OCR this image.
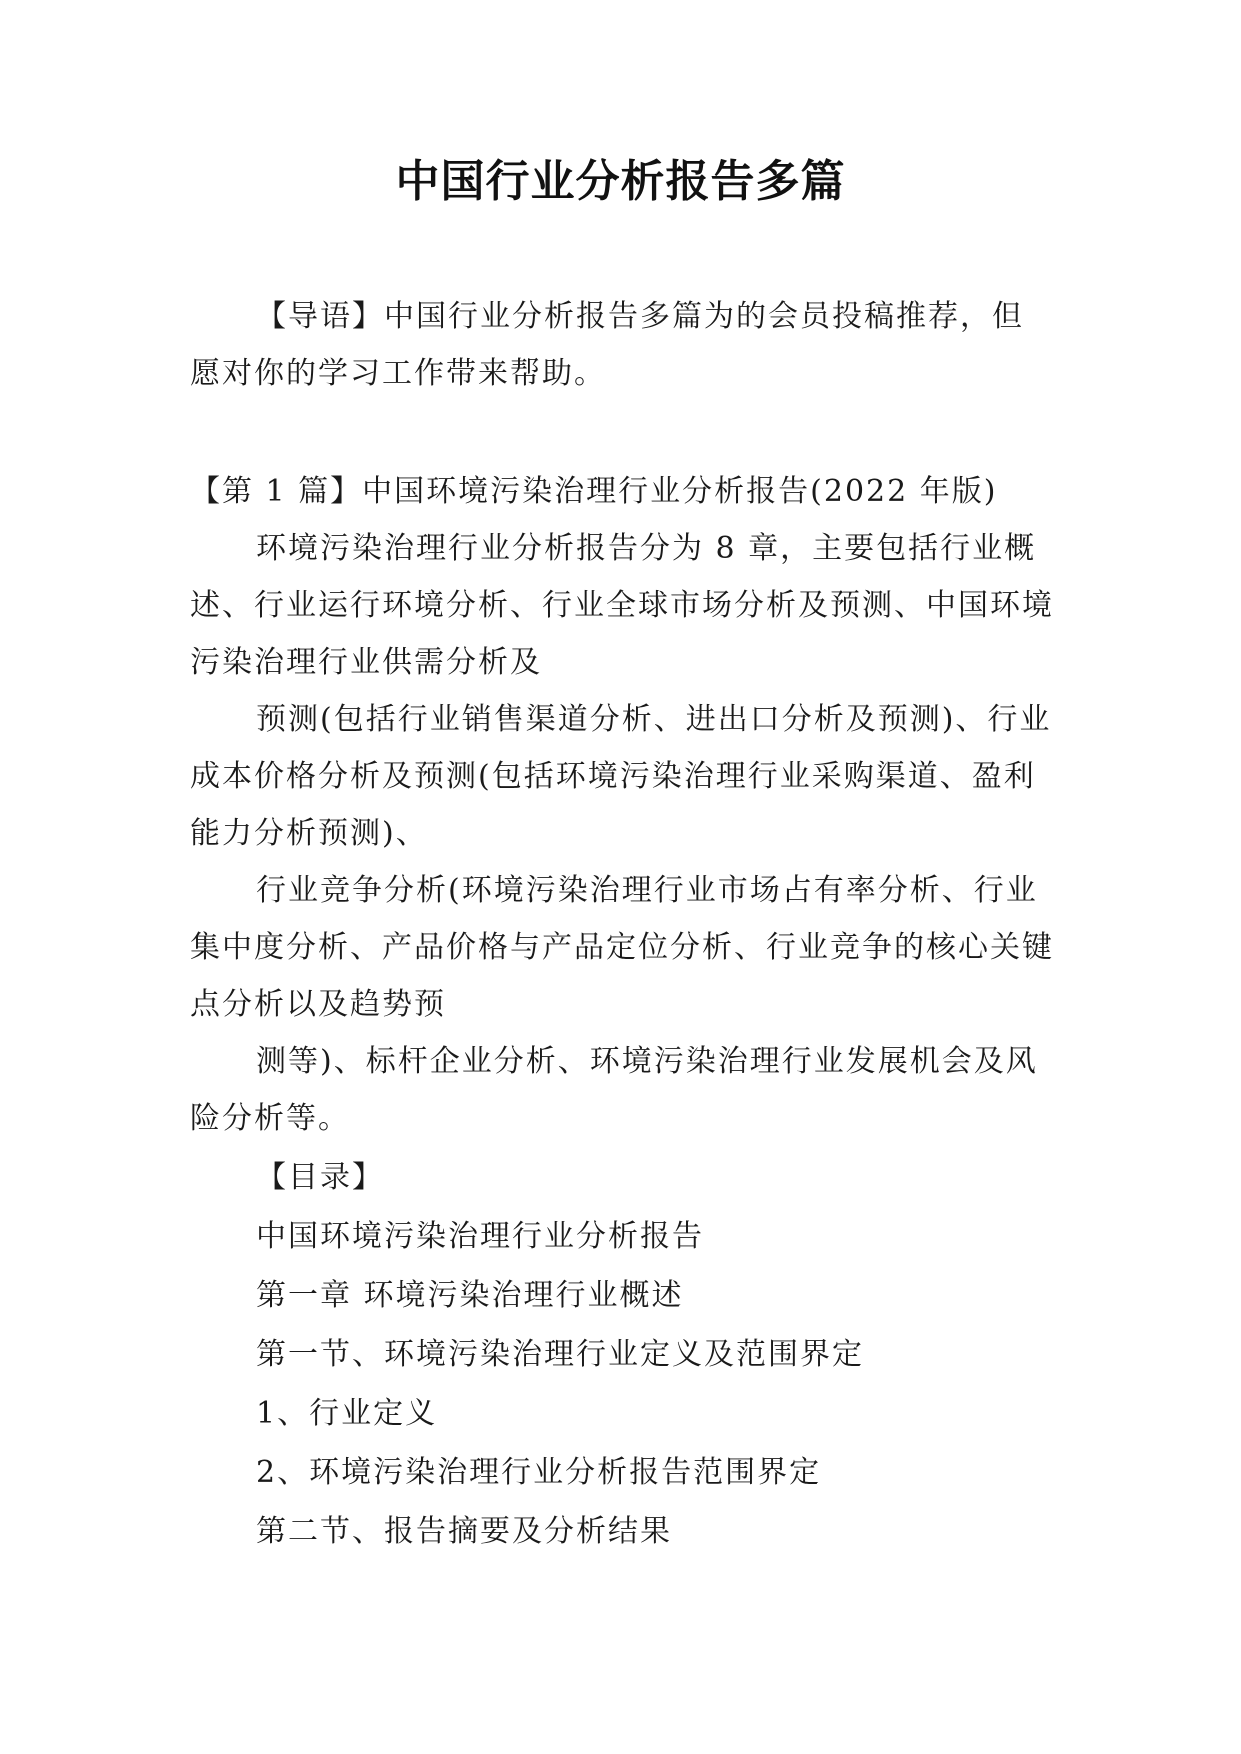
中国行业分析报告多篇

【导语】中国行业分析报告多篇为的会员投稿推荐，但愿对你的学习工作带来帮助。

【第 1 篇】中国环境污染治理行业分析报告(2022 年版)

环境污染治理行业分析报告分为 8 章，主要包括行业概述、行业运行环境分析、行业全球市场分析及预测、中国环境污染治理行业供需分析及

预测(包括行业销售渠道分析、进出口分析及预测)、行业成本价格分析及预测(包括环境污染治理行业采购渠道、盈利能力分析预测)、

行业竞争分析(环境污染治理行业市场占有率分析、行业集中度分析、产品价格与产品定位分析、行业竞争的核心关键点分析以及趋势预

测等)、标杆企业分析、环境污染治理行业发展机会及风险分析等。

【目录】

中国环境污染治理行业分析报告

第一章 环境污染治理行业概述

第一节、环境污染治理行业定义及范围界定

1、行业定义

2、环境污染治理行业分析报告范围界定

第二节、报告摘要及分析结果
